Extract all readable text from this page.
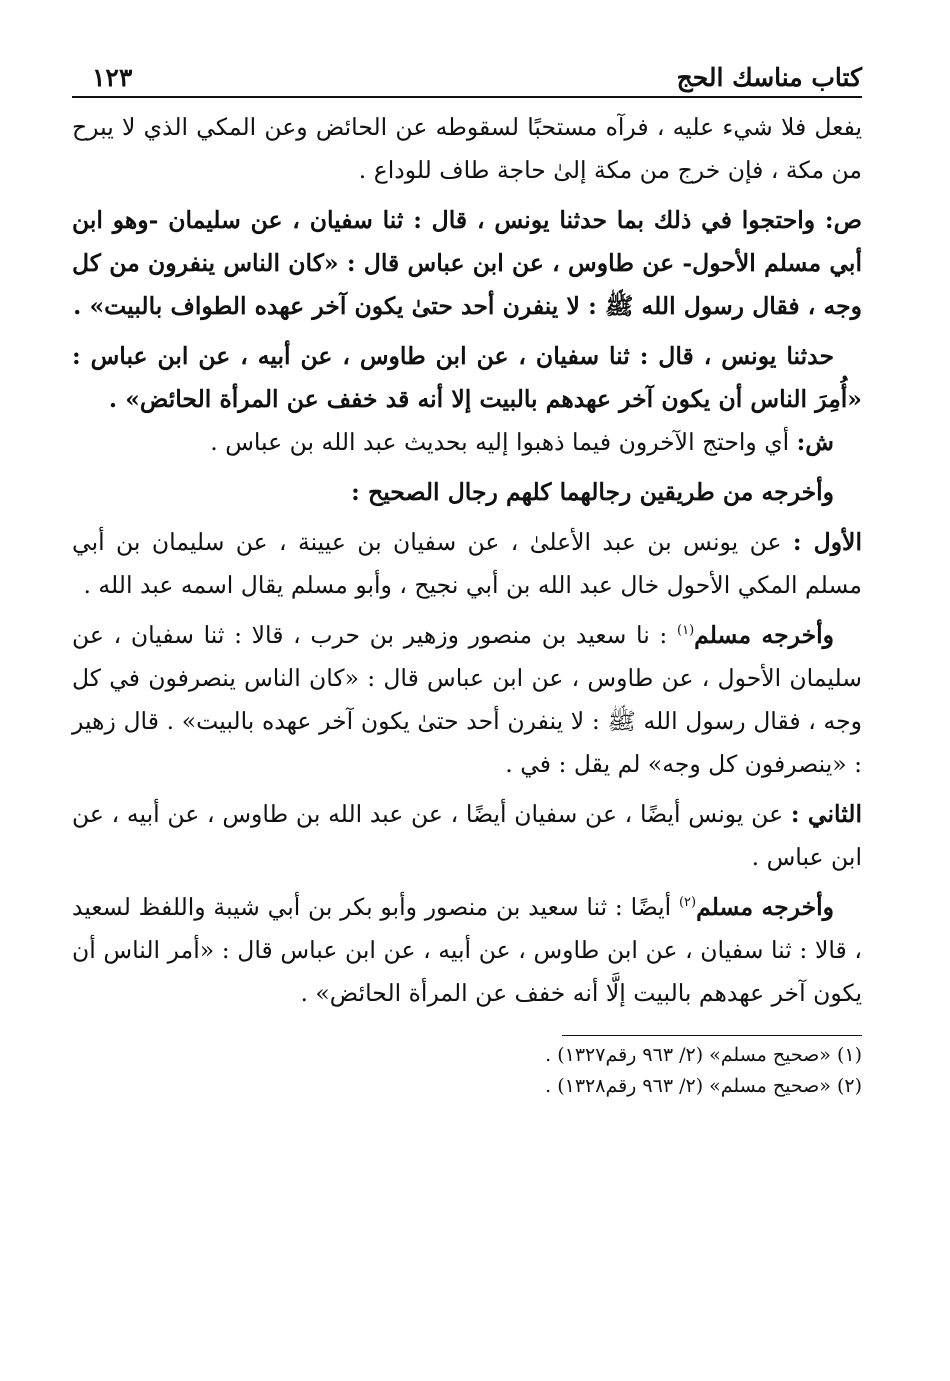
كتاب مناسك الحج
١٢٣

يفعل فلا شيء عليه ، فرآه مستحبًا لسقوطه عن الحائض وعن المكي الذي لا يبرح من مكة ، فإن خرج من مكة إلىٰ حاجة طاف للوداع .

ص: واحتجوا في ذلك بما حدثنا يونس ، قال : ثنا سفيان ، عن سليمان -وهو ابن أبي مسلم الأحول- عن طاوس ، عن ابن عباس قال : «كان الناس ينفرون من كل وجه ، فقال رسول الله ﷺ : لا ينفرن أحد حتىٰ يكون آخر عهده الطواف بالبيت» .

حدثنا يونس ، قال : ثنا سفيان ، عن ابن طاوس ، عن أبيه ، عن ابن عباس : «أُمِرَ الناس أن يكون آخر عهدهم بالبيت إلا أنه قد خفف عن المرأة الحائض» .

ش: أي واحتج الآخرون فيما ذهبوا إليه بحديث عبد الله بن عباس .

وأخرجه من طريقين رجالهما كلهم رجال الصحيح :

الأول : عن يونس بن عبد الأعلىٰ ، عن سفيان بن عيينة ، عن سليمان بن أبي مسلم المكي الأحول خال عبد الله بن أبي نجيح ، وأبو مسلم يقال اسمه عبد الله .

وأخرجه مسلم$^{(١)}$ : نا سعيد بن منصور وزهير بن حرب ، قالا : ثنا سفيان ، عن سليمان الأحول ، عن طاوس ، عن ابن عباس قال : «كان الناس ينصرفون في كل وجه ، فقال رسول الله ﷺ : لا ينفرن أحد حتىٰ يكون آخر عهده بالبيت» . قال زهير : «ينصرفون كل وجه» لم يقل : في .

الثاني : عن يونس أيضًا ، عن سفيان أيضًا ، عن عبد الله بن طاوس ، عن أبيه ، عن ابن عباس .

وأخرجه مسلم$^{(٢)}$ أيضًا : ثنا سعيد بن منصور وأبو بكر بن أبي شيبة واللفظ لسعيد ، قالا : ثنا سفيان ، عن ابن طاوس ، عن أبيه ، عن ابن عباس قال : «أمر الناس أن يكون آخر عهدهم بالبيت إلَّا أنه خفف عن المرأة الحائض» .

(١) «صحيح مسلم» (٢/ ٩٦٣ رقم١٣٢٧) .
(٢) «صحيح مسلم» (٢/ ٩٦٣ رقم١٣٢٨) .
